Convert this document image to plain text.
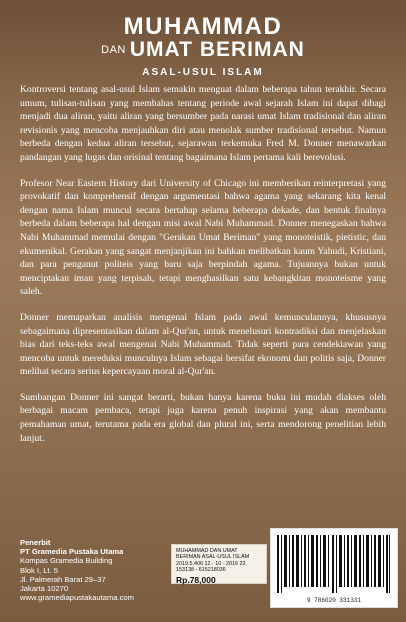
MUHAMMAD
DAN UMAT BERIMAN
ASAL-USUL ISLAM

Kontroversi tentang asal-usul Islam semakin menguat dalam beberapa tahun terakhir. Secara umum, tulisan-tulisan yang membahas tentang periode awal sejarah Islam ini dapat dibagi menjadi dua aliran, yaitu aliran yang bersumber pada narasi umat Islam tradisional dan aliran revisionis yang mencoba menjauhkan diri atau menolak sumber tradisional tersebut. Namun berbeda dengan kedua aliran tersebut, sejarawan terkemuka Fred M. Donner menawarkan pandangan yang lugas dan orisinal tentang bagaimana Islam pertama kali berevolusi.

Profesor Near Eastern History dari University of Chicago ini memberikan reinterpretasi yang provokatif dan komprehensif dengan argumentasi bahwa agama yang sekarang kita kenal dengan nama Islam muncul secara bertahap selama beberapa dekade, dan bentuk finalnya berbeda dalam beberapa hal dengan misi awal Nabi Muhammad. Donner menegaskan bahwa Nabi Muhammad memulai dengan "Gerakan Umat Beriman" yang monoteistik, pietistic, dan ekumenikal. Gerakan yang sangat menjanjikan ini bahkan melibatkan kaum Yahudi, Kristiani, dan para penganut politeis yang baru saja berpindah agama. Tujuannya bukan untuk menciptakan iman yang terpisah, tetapi menghasilkan satu kebangkitan monoteisme yang saleh.

Donner memaparkan analisis mengenai Islam pada awal kemunculannya, khususnya sebagaimana dipresentasikan dalam al-Qur'an, untuk menelusuri kontradiksi dan menjelaskan bias dari teks-teks awal mengenai Nabi Muhammad. Tidak seperti para cendekiawan yang mencoba untuk mereduksi munculnya Islam sebagai bersifat ekonomi dan politis saja, Donner melihat secara serius kepercayaan moral al-Qur'an.

Sumbangan Donner ini sangat berarti, bukan hanya karena buku ini mudah diakses oleh berbagai macam pembaca, tetapi juga karena penuh inspirasi yang akan membantu pemahaman umat, terutama pada era global dan plural ini, serta mendorong penelitian lebih lanjut.

Penerbit
PT Gramedia Pustaka Utama
Kompas Gramedia Building
Blok I, Lt. 5
Jl. Palmerah Barat 29–37
Jakarta 10270
www.gramediapustakautama.com
MUHAMMAD DAN UMAT BERIMAN ASAL-USUL ISLAM
2019.5.406 12 - 10 - 2016 22
153138 - 615218036
Rp.78,000
9 786020 331331
